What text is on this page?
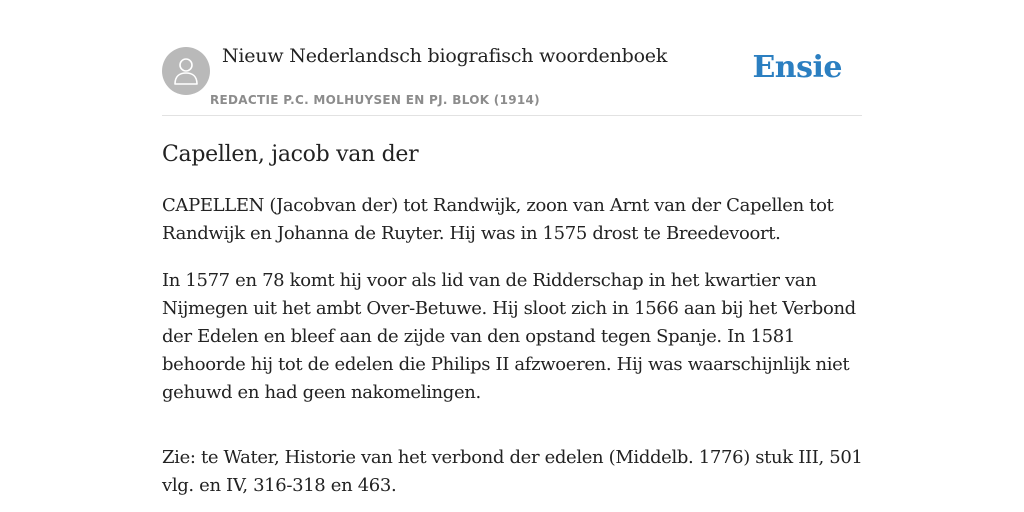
Nieuw Nederlandsch biografisch woordenboek
REDACTIE P.C. MOLHUYSEN EN PJ. BLOK (1914)
Ensie
Capellen, jacob van der

CAPELLEN (Jacobvan der) tot Randwijk, zoon van Arnt van der Capellen tot Randwijk en Johanna de Ruyter. Hij was in 1575 drost te Breedevoort.

In 1577 en 78 komt hij voor als lid van de Ridderschap in het kwartier van Nijmegen uit het ambt Over-Betuwe. Hij sloot zich in 1566 aan bij het Verbond der Edelen en bleef aan de zijde van den opstand tegen Spanje. In 1581 behoorde hij tot de edelen die Philips II afzwoeren. Hij was waarschijnlijk niet gehuwd en had geen nakomelingen.

Zie: te Water, Historie van het verbond der edelen (Middelb. 1776) stuk III, 501 vlg. en IV, 316-318 en 463.
